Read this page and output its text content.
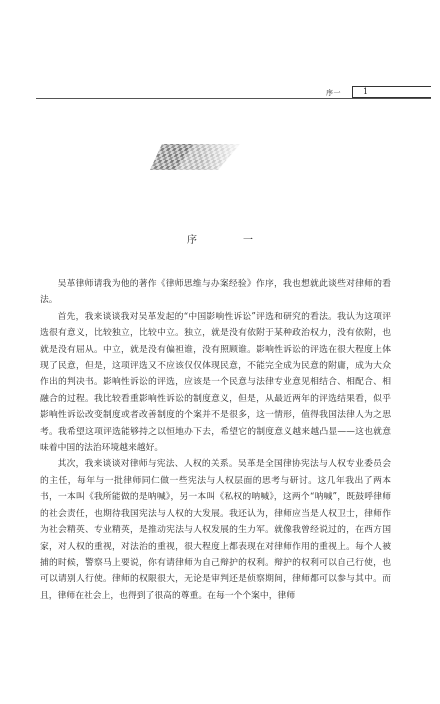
序一	1
序　一

吴革律师请我为他的著作《律师思维与办案经验》作序，我也想就此谈些对律师的看法。

首先，我来谈谈我对吴革发起的“中国影响性诉讼”评选和研究的看法。我认为这项评选很有意义，比较独立，比较中立。独立，就是没有依附于某种政治权力，没有依附，也就是没有屈从。中立，就是没有偏袒谁，没有照顾谁。影响性诉讼的评选在很大程度上体现了民意，但是，这项评选又不应该仅仅体现民意，不能完全成为民意的附庸，成为大众作出的判决书。影响性诉讼的评选，应该是一个民意与法律专业意见相结合、相配合、相融合的过程。我比较看重影响性诉讼的制度意义，但是，从最近两年的评选结果看，似乎影响性诉讼改变制度或者改善制度的个案并不是很多，这一情形，值得我国法律人为之思考。我希望这项评选能够持之以恒地办下去，希望它的制度意义越来越凸显——这也就意味着中国的法治环境越来越好。

其次，我来谈谈对律师与宪法、人权的关系。吴革是全国律协宪法与人权专业委员会的主任，每年与一批律师同仁做一些宪法与人权层面的思考与研讨。这几年我出了两本书，一本叫《我所能做的是呐喊》，另一本叫《私权的呐喊》，这两个“呐喊”，既鼓呼律师的社会责任，也期待我国宪法与人权的大发展。我还认为，律师应当是人权卫士，律师作为社会精英、专业精英，是推动宪法与人权发展的生力军。就像我曾经说过的，在西方国家，对人权的重视，对法治的重视，很大程度上都表现在对律师作用的重视上。每个人被捕的时候，警察马上要说，你有请律师为自己辩护的权利。辩护的权利可以自己行使，也可以请别人行使。律师的权限很大，无论是审判还是侦察期间，律师都可以参与其中。而且，律师在社会上，也得到了很高的尊重。在每一个个案中，律师
